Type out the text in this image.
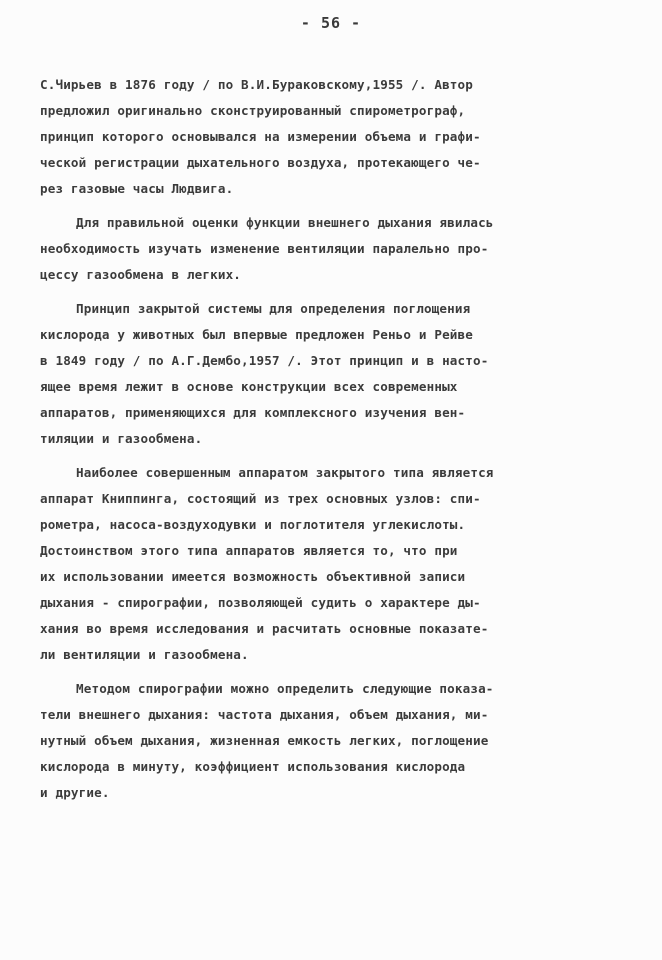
- 56 -
С.Чирьев в 1876 году / по В.И.Бураковскому,1955 /. Автор
предложил оригинально сконструированный спирометрограф,
принцип которого основывался на измерении объема и графи-
ческой регистрации дыхательного воздуха, протекающего че-
рез газовые часы Людвига.
Для правильной оценки функции внешнего дыхания явилась
необходимость изучать изменение вентиляции паралельно про-
цессу газообмена в легких.
Принцип закрытой системы для определения поглощения
кислорода у животных был впервые предложен Реньо и Рейве
в 1849 году / по А.Г.Дембо,1957 /. Этот принцип и в насто-
ящее время лежит в основе конструкции всех современных
аппаратов, применяющихся для комплексного изучения вен-
тиляции и газообмена.
Наиболее совершенным аппаратом закрытого типа является
аппарат Книппинга, состоящий из трех основных узлов: спи-
рометра, насоса-воздуходувки и поглотителя углекислоты.
Достоинством этого типа аппаратов является то, что при
их использовании имеется возможность объективной записи
дыхания - спирографии, позволяющей судить о характере ды-
хания во время исследования и расчитать основные показате-
ли вентиляции и газообмена.
Методом спирографии можно определить следующие показа-
тели внешнего дыхания: частота дыхания, объем дыхания, ми-
нутный объем дыхания, жизненная емкость легких, поглощение
кислорода в минуту, коэффициент использования кислорода
и другие.
